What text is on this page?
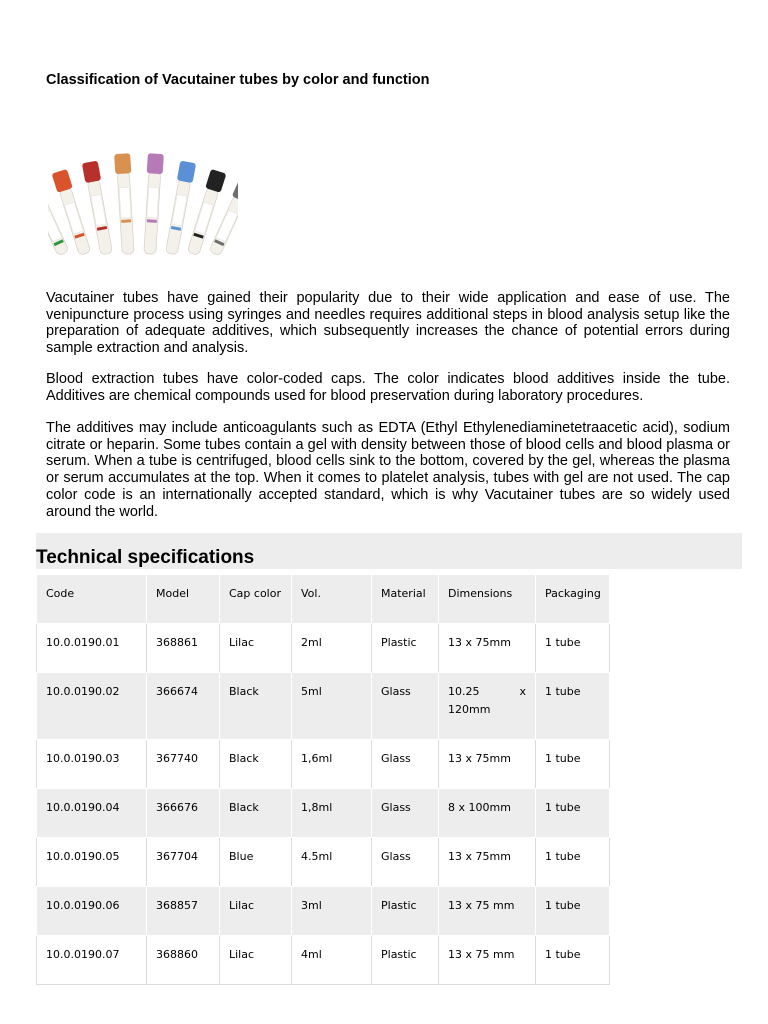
Classification of Vacutainer tubes by color and function

Vacutainer tubes have gained their popularity due to their wide application and ease of use. The venipuncture process using syringes and needles requires additional steps in blood analysis setup like the preparation of adequate additives, which subsequently increases the chance of potential errors during sample extraction and analysis.

Blood extraction tubes have color-coded caps. The color indicates blood additives inside the tube. Additives are chemical compounds used for blood preservation during laboratory procedures.

The additives may include anticoagulants such as EDTA (Ethyl Ethylenediaminetetraacetic acid), sodium citrate or heparin. Some tubes contain a gel with density between those of blood cells and blood plasma or serum. When a tube is centrifuged, blood cells sink to the bottom, covered by the gel, whereas the plasma or serum accumulates at the top. When it comes to platelet analysis, tubes with gel are not used. The cap color code is an internationally accepted standard, which is why Vacutainer tubes are so widely used around the world.

Technical specifications
Code	Model	Cap color	Vol.	Material	Dimensions	Packaging
10.0.0190.01	368861	Lilac	2ml	Plastic	13 x 75mm	1 tube
10.0.0190.02	366674	Black	5ml	Glass	10.25 x 120mm	1 tube
10.0.0190.03	367740	Black	1,6ml	Glass	13 x 75mm	1 tube
10.0.0190.04	366676	Black	1,8ml	Glass	8 x 100mm	1 tube
10.0.0190.05	367704	Blue	4.5ml	Glass	13 x 75mm	1 tube
10.0.0190.06	368857	Lilac	3ml	Plastic	13 x 75 mm	1 tube
10.0.0190.07	368860	Lilac	4ml	Plastic	13 x 75 mm	1 tube
